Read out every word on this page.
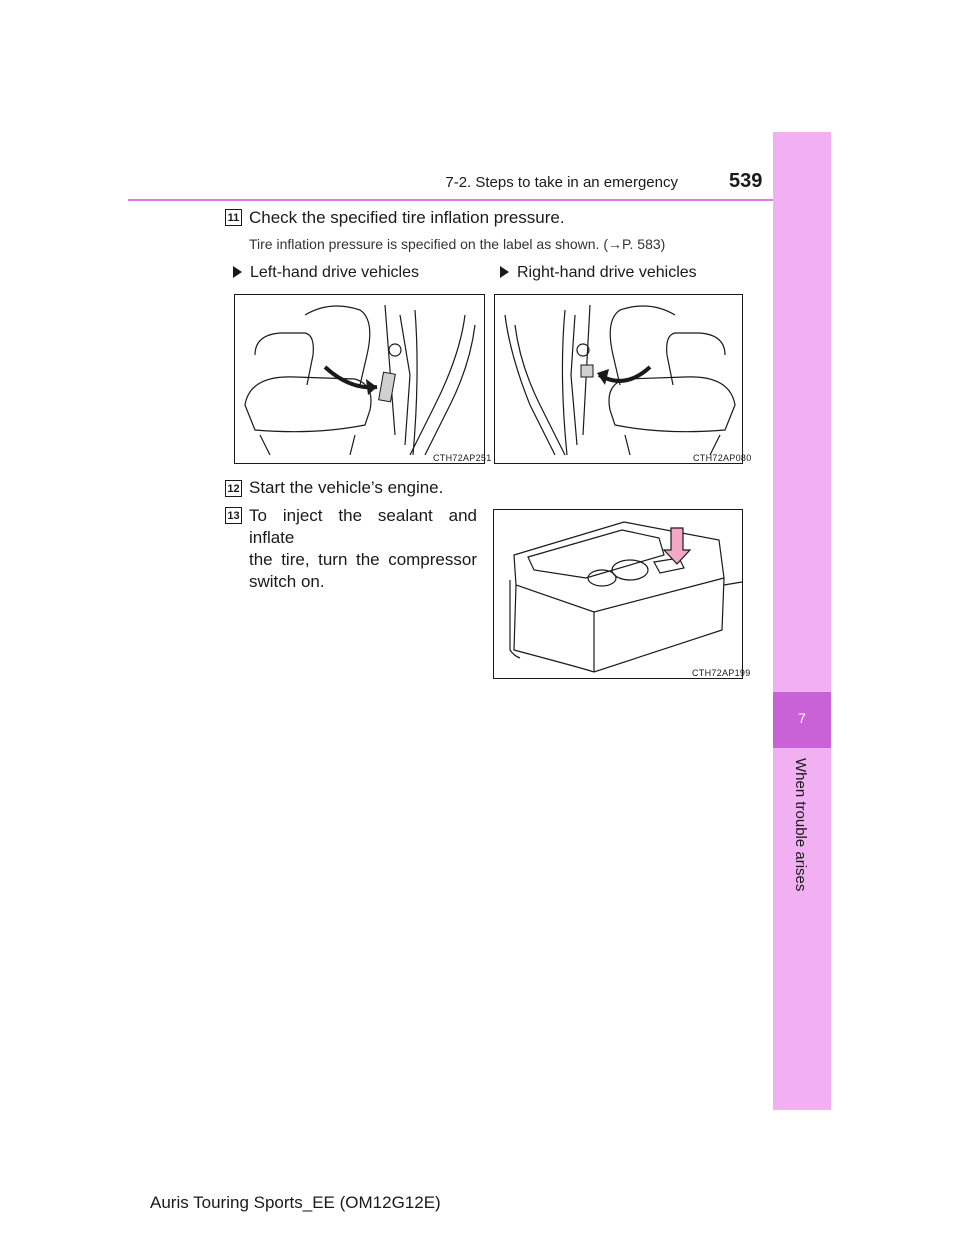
7-2. Steps to take in an emergency	539
7
When trouble arises
11 Check the specified tire inflation pressure.
Tire inflation pressure is specified on the label as shown. (→P. 583)
Left-hand drive vehicles	Right-hand drive vehicles
CTH72AP251	CTH72AP080
12 Start the vehicle’s engine.
13 To inject the sealant and inflate
the tire, turn the compressor
switch on.
CTH72AP199
Auris Touring Sports_EE (OM12G12E)
